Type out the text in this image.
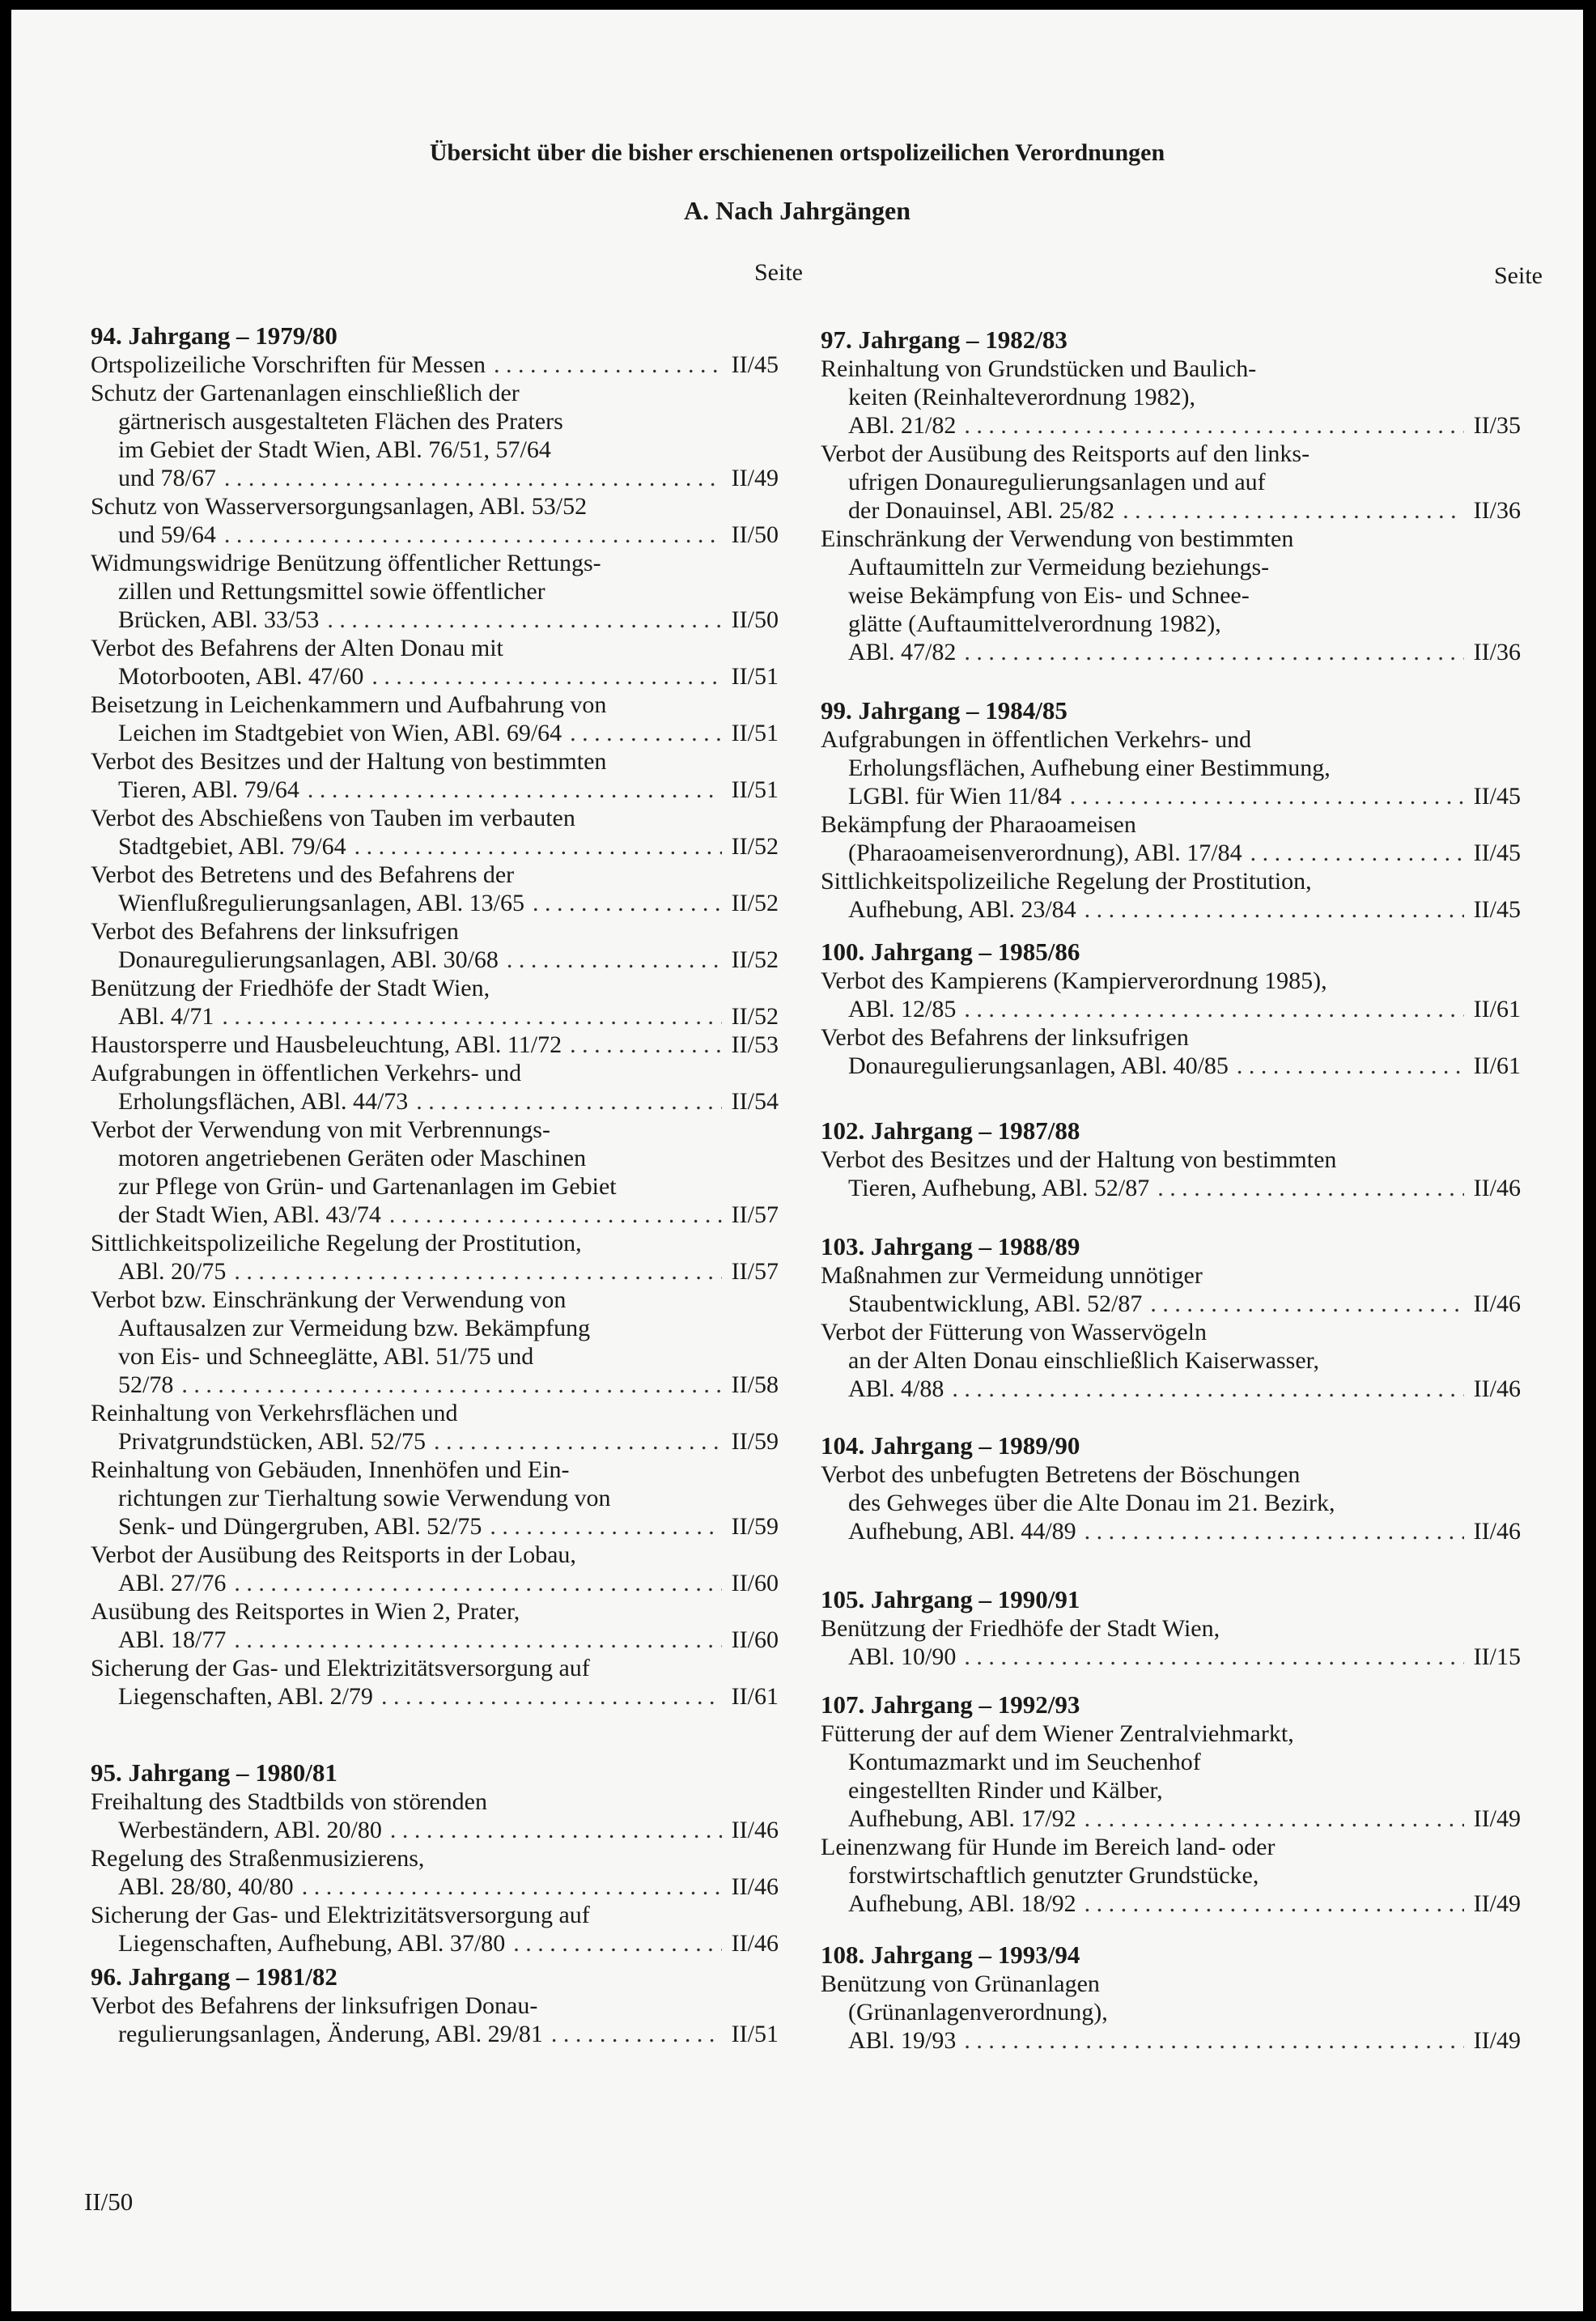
Übersicht über die bisher erschienenen ortspolizeilichen Verordnungen
A. Nach Jahrgängen
Seite
94. Jahrgang – 1979/80
Ortspolizeiliche Vorschriften für Messen . . .	II/45
Schutz der Gartenanlagen einschließlich der
gärtnerisch ausgestalteten Flächen des Praters
im Gebiet der Stadt Wien, ABl. 76/51, 57/64
und 78/67 . . .	II/49
Schutz von Wasserversorgungsanlagen, ABl. 53/52
und 59/64 . . .	II/50
Widmungswidrige Benützung öffentlicher Rettungs-
zillen und Rettungsmittel sowie öffentlicher
Brücken, ABl. 33/53 . . .	II/50
Verbot des Befahrens der Alten Donau mit
Motorbooten, ABl. 47/60 . . .	II/51
Beisetzung in Leichenkammern und Aufbahrung von
Leichen im Stadtgebiet von Wien, ABl. 69/64 . . .	II/51
Verbot des Besitzes und der Haltung von bestimmten
Tieren, ABl. 79/64 . . .	II/51
Verbot des Abschießens von Tauben im verbauten
Stadtgebiet, ABl. 79/64 . . .	II/52
Verbot des Betretens und des Befahrens der
Wienflußregulierungsanlagen, ABl. 13/65 . . .	II/52
Verbot des Befahrens der linksufrigen
Donauregulierungsanlagen, ABl. 30/68 . . .	II/52
Benützung der Friedhöfe der Stadt Wien,
ABl. 4/71 . . .	II/52
Haustorsperre und Hausbeleuchtung, ABl. 11/72 . . .	II/53
Aufgrabungen in öffentlichen Verkehrs- und
Erholungsflächen, ABl. 44/73 . . .	II/54
Verbot der Verwendung von mit Verbrennungs-
motoren angetriebenen Geräten oder Maschinen
zur Pflege von Grün- und Gartenanlagen im Gebiet
der Stadt Wien, ABl. 43/74 . . .	II/57
Sittlichkeitspolizeiliche Regelung der Prostitution,
ABl. 20/75 . . .	II/57
Verbot bzw. Einschränkung der Verwendung von
Auftausalzen zur Vermeidung bzw. Bekämpfung
von Eis- und Schneeglätte, ABl. 51/75 und
52/78 . . .	II/58
Reinhaltung von Verkehrsflächen und
Privatgrundstücken, ABl. 52/75 . . .	II/59
Reinhaltung von Gebäuden, Innenhöfen und Ein-
richtungen zur Tierhaltung sowie Verwendung von
Senk- und Düngergruben, ABl. 52/75 . . .	II/59
Verbot der Ausübung des Reitsports in der Lobau,
ABl. 27/76 . . .	II/60
Ausübung des Reitsportes in Wien 2, Prater,
ABl. 18/77 . . .	II/60
Sicherung der Gas- und Elektrizitätsversorgung auf
Liegenschaften, ABl. 2/79 . . .	II/61
95. Jahrgang – 1980/81
Freihaltung des Stadtbilds von störenden
Werbeständern, ABl. 20/80 . . .	II/46
Regelung des Straßenmusizierens,
ABl. 28/80, 40/80 . . .	II/46
Sicherung der Gas- und Elektrizitätsversorgung auf
Liegenschaften, Aufhebung, ABl. 37/80 . . .	II/46
96. Jahrgang – 1981/82
Verbot des Befahrens der linksufrigen Donau-
regulierungsanlagen, Änderung, ABl. 29/81 . . .	II/51
Seite
97. Jahrgang – 1982/83
Reinhaltung von Grundstücken und Baulich-
keiten (Reinhalteverordnung 1982),
ABl. 21/82 . . .	II/35
Verbot der Ausübung des Reitsports auf den links-
ufrigen Donauregulierungsanlagen und auf
der Donauinsel, ABl. 25/82 . . .	II/36
Einschränkung der Verwendung von bestimmten
Auftaumitteln zur Vermeidung beziehungs-
weise Bekämpfung von Eis- und Schnee-
glätte (Auftaumittelverordnung 1982),
ABl. 47/82 . . .	II/36
99. Jahrgang – 1984/85
Aufgrabungen in öffentlichen Verkehrs- und
Erholungsflächen, Aufhebung einer Bestimmung,
LGBl. für Wien 11/84 . . .	II/45
Bekämpfung der Pharaoameisen
(Pharaoameisenverordnung), ABl. 17/84 . . .	II/45
Sittlichkeitspolizeiliche Regelung der Prostitution,
Aufhebung, ABl. 23/84 . . .	II/45
100. Jahrgang – 1985/86
Verbot des Kampierens (Kampierverordnung 1985),
ABl. 12/85 . . .	II/61
Verbot des Befahrens der linksufrigen
Donauregulierungsanlagen, ABl. 40/85 . . .	II/61
102. Jahrgang – 1987/88
Verbot des Besitzes und der Haltung von bestimmten
Tieren, Aufhebung, ABl. 52/87 . . .	II/46
103. Jahrgang – 1988/89
Maßnahmen zur Vermeidung unnötiger
Staubentwicklung, ABl. 52/87 . . .	II/46
Verbot der Fütterung von Wasservögeln
an der Alten Donau einschließlich Kaiserwasser,
ABl. 4/88 . . .	II/46
104. Jahrgang – 1989/90
Verbot des unbefugten Betretens der Böschungen
des Gehweges über die Alte Donau im 21. Bezirk,
Aufhebung, ABl. 44/89 . . .	II/46
105. Jahrgang – 1990/91
Benützung der Friedhöfe der Stadt Wien,
ABl. 10/90 . . .	II/15
107. Jahrgang – 1992/93
Fütterung der auf dem Wiener Zentralviehmarkt,
Kontumazmarkt und im Seuchenhof
eingestellten Rinder und Kälber,
Aufhebung, ABl. 17/92 . . .	II/49
Leinenzwang für Hunde im Bereich land- oder
forstwirtschaftlich genutzter Grundstücke,
Aufhebung, ABl. 18/92 . . .	II/49
108. Jahrgang – 1993/94
Benützung von Grünanlagen
(Grünanlagenverordnung),
ABl. 19/93 . . .	II/49
II/50
